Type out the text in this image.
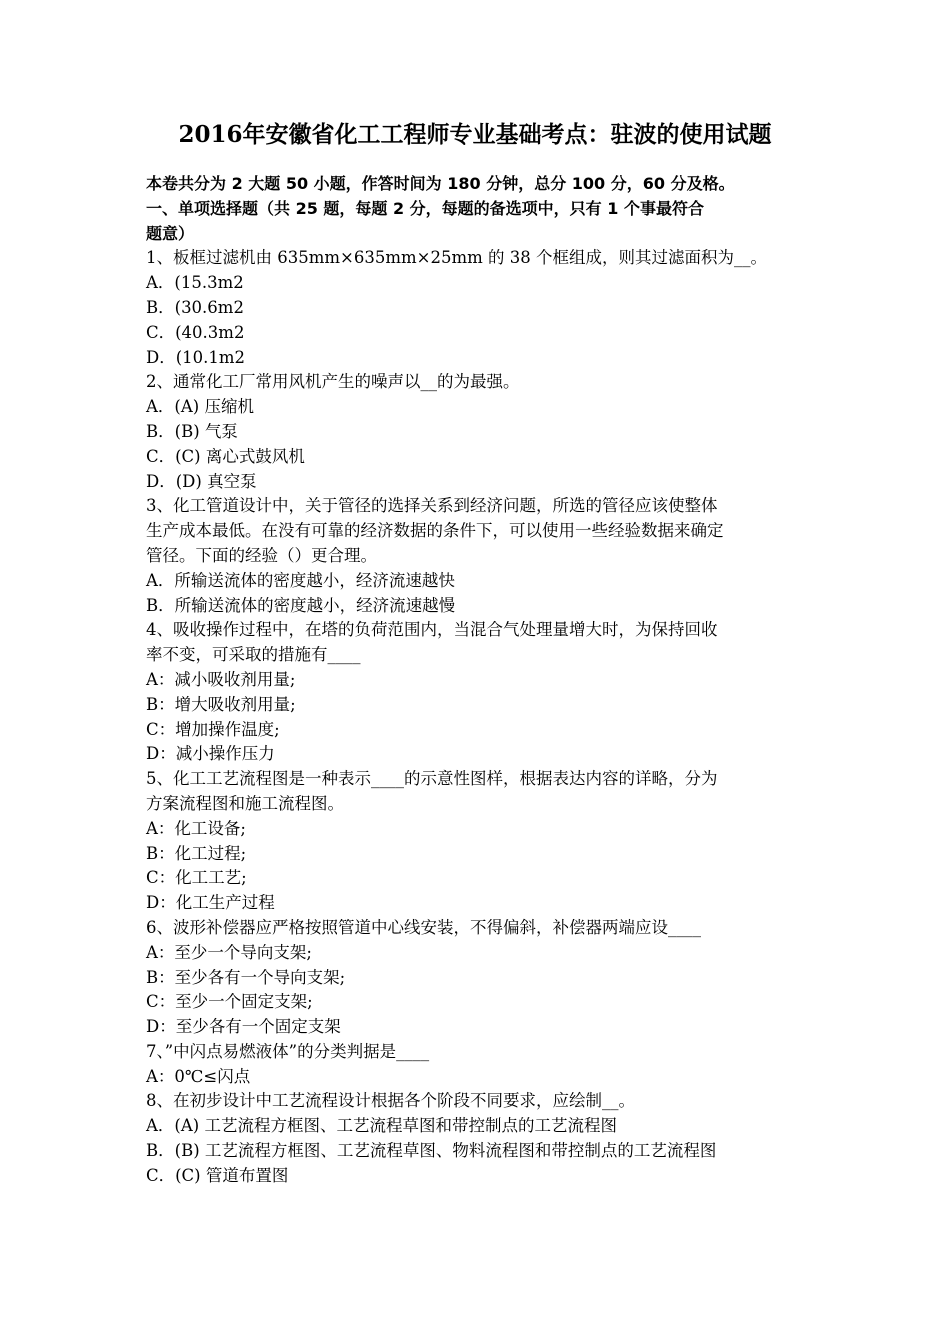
2016年安徽省化工工程师专业基础考点：驻波的使用试题
本卷共分为 2 大题 50 小题，作答时间为 180 分钟，总分 100 分，60 分及格。
一、单项选择题（共 25 题，每题 2 分，每题的备选项中，只有 1 个事最符合
题意）
1、板框过滤机由 635mm×635mm×25mm 的 38 个框组成，则其过滤面积为__。
A．(15.3m2
B．(30.6m2
C．(40.3m2
D．(10.1m2
2、通常化工厂常用风机产生的噪声以__的为最强。
A．(A) 压缩机
B．(B) 气泵
C．(C) 离心式鼓风机
D．(D) 真空泵
3、化工管道设计中，关于管径的选择关系到经济问题，所选的管径应该使整体
生产成本最低。在没有可靠的经济数据的条件下，可以使用一些经验数据来确定
管径。下面的经验（）更合理。
A．所输送流体的密度越小，经济流速越快
B．所输送流体的密度越小，经济流速越慢
4、吸收操作过程中，在塔的负荷范围内，当混合气处理量增大时，为保持回收
率不变，可采取的措施有____
A：减小吸收剂用量;
B：增大吸收剂用量;
C：增加操作温度;
D：减小操作压力
5、化工工艺流程图是一种表示____的示意性图样，根据表达内容的详略，分为
方案流程图和施工流程图。
A：化工设备;
B：化工过程;
C：化工工艺;
D：化工生产过程
6、波形补偿器应严格按照管道中心线安装，不得偏斜，补偿器两端应设____
A：至少一个导向支架;
B：至少各有一个导向支架;
C：至少一个固定支架;
D：至少各有一个固定支架
7、”中闪点易燃液体”的分类判据是____
A：0℃≤闪点
8、在初步设计中工艺流程设计根据各个阶段不同要求，应绘制__。
A．(A) 工艺流程方框图、工艺流程草图和带控制点的工艺流程图
B．(B) 工艺流程方框图、工艺流程草图、物料流程图和带控制点的工艺流程图
C．(C) 管道布置图
